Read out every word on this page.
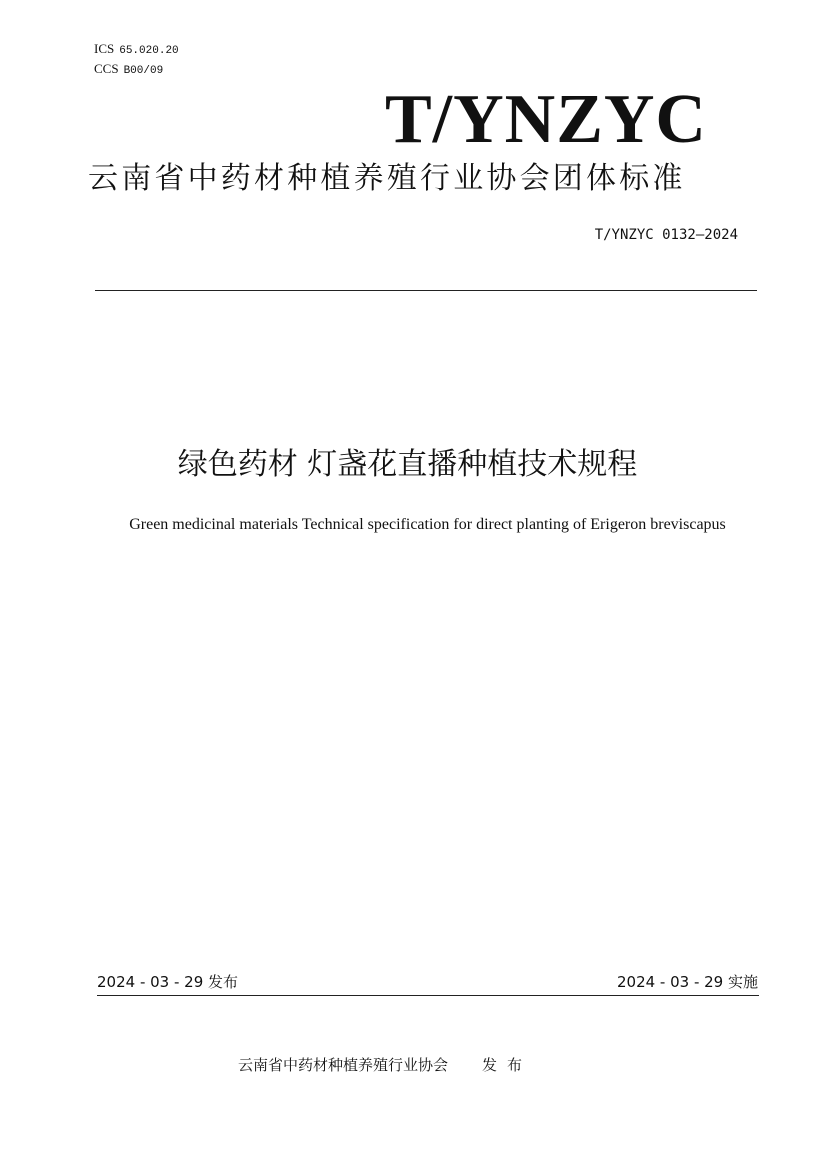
ICS 65.020.20
CCS B00/09
T/YNZYC
云南省中药材种植养殖行业协会团体标准
T/YNZYC 0132—2024
绿色药材 灯盏花直播种植技术规程
Green medicinal materials Technical specification for direct planting of Erigeron breviscapus
2024 - 03 - 29 发布	2024 - 03 - 29 实施
云南省中药材种植养殖行业协会 发布
